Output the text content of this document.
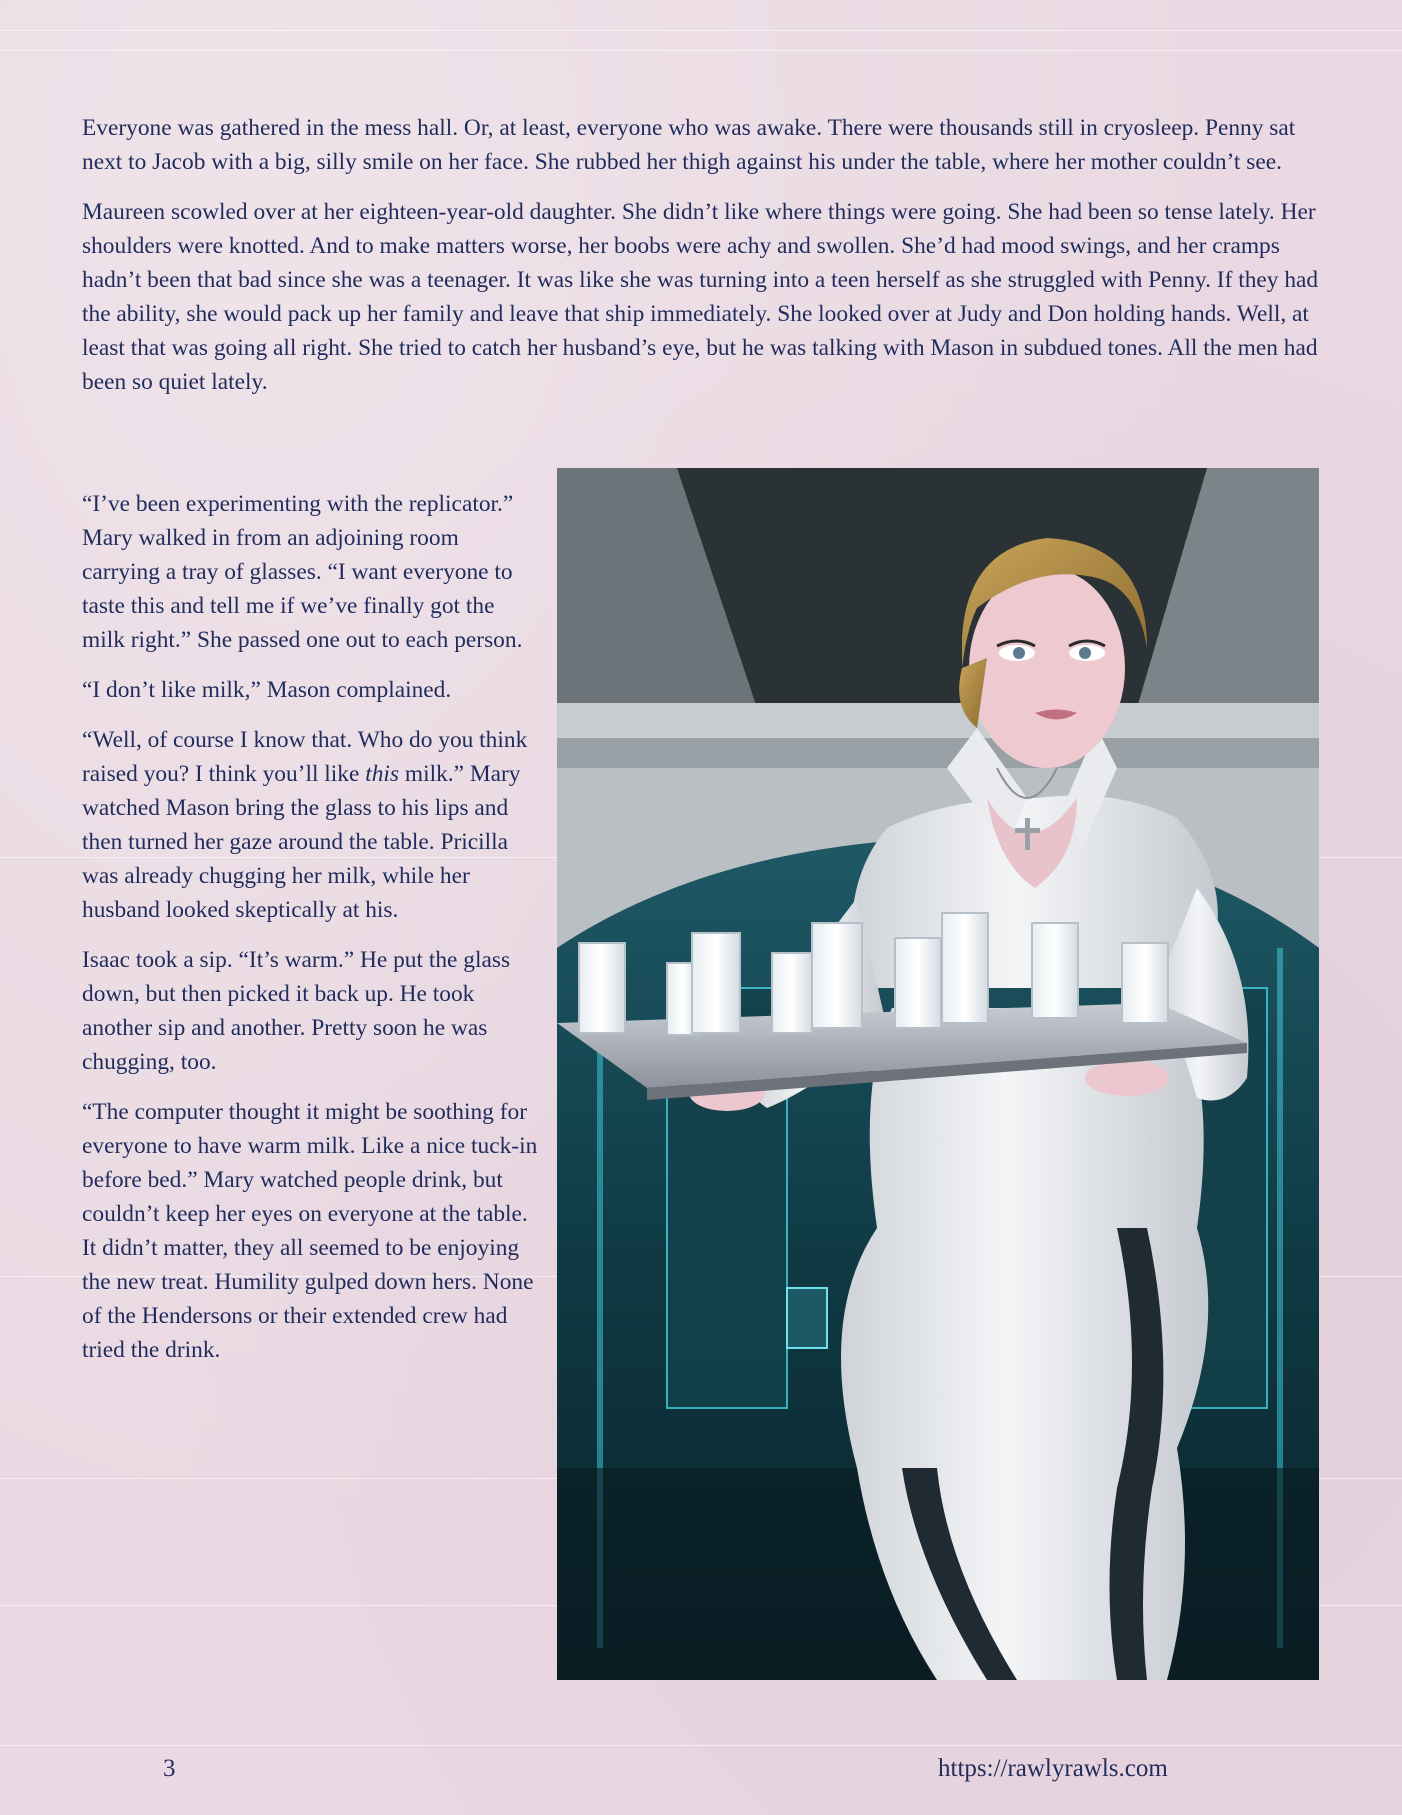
Everyone was gathered in the mess hall. Or, at least, everyone who was awake. There were thousands still in cryosleep. Penny sat next to Jacob with a big, silly smile on her face. She rubbed her thigh against his under the table, where her mother couldn’t see.

Maureen scowled over at her eighteen-year-old daughter. She didn’t like where things were going. She had been so tense lately. Her shoulders were knotted. And to make matters worse, her boobs were achy and swollen. She’d had mood swings, and her cramps hadn’t been that bad since she was a teenager. It was like she was turning into a teen herself as she struggled with Penny. If they had the ability, she would pack up her family and leave that ship immediately. She looked over at Judy and Don holding hands. Well, at least that was going all right. She tried to catch her husband’s eye, but he was talking with Mason in subdued tones. All the men had been so quiet lately.

“I’ve been experimenting with the replicator.” Mary walked in from an adjoining room carrying a tray of glasses. “I want everyone to taste this and tell me if we’ve finally got the milk right.” She passed one out to each person.

“I don’t like milk,” Mason complained.

“Well, of course I know that. Who do you think raised you? I think you’ll like this milk.” Mary watched Mason bring the glass to his lips and then turned her gaze around the table. Pricilla was already chugging her milk, while her husband looked skeptically at his.

Isaac took a sip. “It’s warm.” He put the glass down, but then picked it back up. He took another sip and another. Pretty soon he was chugging, too.

“The computer thought it might be soothing for everyone to have warm milk. Like a nice tuck-in before bed.” Mary watched people drink, but couldn’t keep her eyes on everyone at the table. It didn’t matter, they all seemed to be enjoying the new treat. Humility gulped down hers. None of the Hendersons or their extended crew had tried the drink.

3	https://rawlyrawls.com
